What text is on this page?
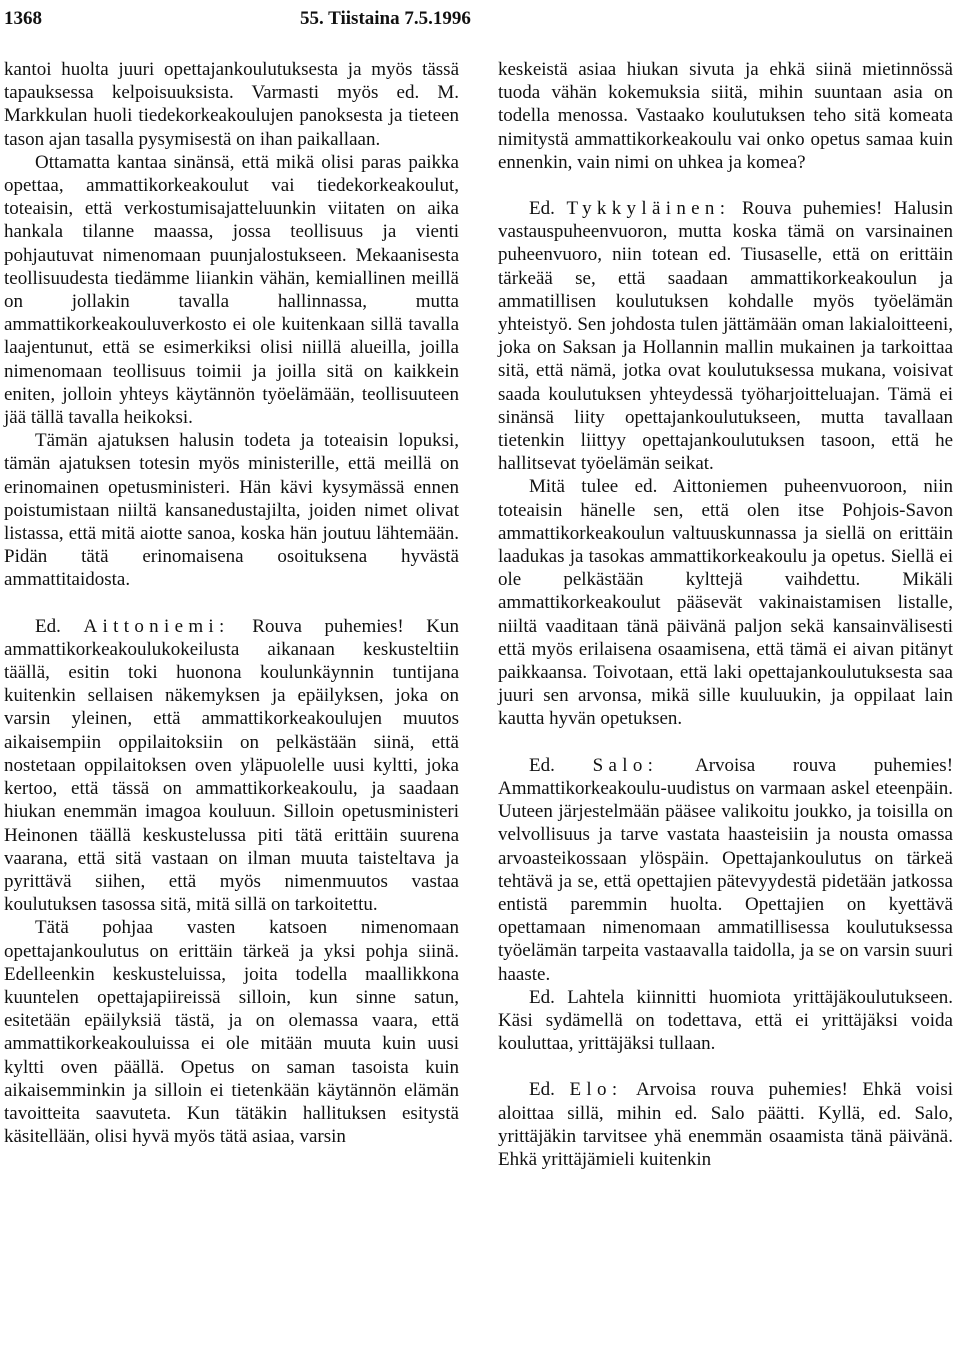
1368	55. Tiistaina 7.5.1996

kantoi huolta juuri opettajankoulutuksesta ja myös tässä tapauksessa kelpoisuuksista. Varmasti myös ed. M. Markkulan huoli tiedekorkeakoulujen panoksesta ja tieteen tason ajan tasalla pysymisestä on ihan paikallaan.

Ottamatta kantaa sinänsä, että mikä olisi paras paikka opettaa, ammattikorkeakoulut vai tiedekorkeakoulut, toteaisin, että verkostumisajatteluunkin viitaten on aika hankala tilanne maassa, jossa teollisuus ja vienti pohjautuvat nimenomaan puunjalostukseen. Mekaanisesta teollisuudesta tiedämme liiankin vähän, kemiallinen meillä on jollakin tavalla hallinnassa, mutta ammattikorkeakouluverkosto ei ole kuitenkaan sillä tavalla laajentunut, että se esimerkiksi olisi niillä alueilla, joilla nimenomaan teollisuus toimii ja joilla sitä on kaikkein eniten, jolloin yhteys käytännön työelämään, teollisuuteen jää tällä tavalla heikoksi.

Tämän ajatuksen halusin todeta ja toteaisin lopuksi, tämän ajatuksen totesin myös ministerille, että meillä on erinomainen opetusministeri. Hän kävi kysymässä ennen poistumistaan niiltä kansanedustajilta, joiden nimet olivat listassa, että mitä aiotte sanoa, koska hän joutuu lähtemään. Pidän tätä erinomaisena osoituksena hyvästä ammattitaidosta.

Ed. Aittoniemi: Rouva puhemies! Kun ammattikorkeakoulukokeilusta aikanaan keskusteltiin täällä, esitin toki huonona koulunkäynnin tuntijana kuitenkin sellaisen näkemyksen ja epäilyksen, joka on varsin yleinen, että ammattikorkeakoulujen muutos aikaisempiin oppilaitoksiin on pelkästään siinä, että nostetaan oppilaitoksen oven yläpuolelle uusi kyltti, joka kertoo, että tässä on ammattikorkeakoulu, ja saadaan hiukan enemmän imagoa kouluun. Silloin opetusministeri Heinonen täällä keskustelussa piti tätä erittäin suurena vaarana, että sitä vastaan on ilman muuta taisteltava ja pyrittävä siihen, että myös nimenmuutos vastaa koulutuksen tasossa sitä, mitä sillä on tarkoitettu.

Tätä pohjaa vasten katsoen nimenomaan opettajankoulutus on erittäin tärkeä ja yksi pohja siinä. Edelleenkin keskusteluissa, joita todella maallikkona kuuntelen opettajapiireissä silloin, kun sinne satun, esitetään epäilyksiä tästä, ja on olemassa vaara, että ammattikorkeakouluissa ei ole mitään muuta kuin uusi kyltti oven päällä. Opetus on saman tasoista kuin aikaisemminkin ja silloin ei tietenkään käytännön elämän tavoitteita saavuteta. Kun tätäkin hallituksen esitystä käsitellään, olisi hyvä myös tätä asiaa, varsin

keskeistä asiaa hiukan sivuta ja ehkä siinä mietinnössä tuoda vähän kokemuksia siitä, mihin suuntaan asia on todella menossa. Vastaako koulutuksen teho sitä komeata nimitystä ammattikorkeakoulu vai onko opetus samaa kuin ennenkin, vain nimi on uhkea ja komea?

Ed. Tykkyläinen: Rouva puhemies! Halusin vastauspuheenvuoron, mutta koska tämä on varsinainen puheenvuoro, niin totean ed. Tiusaselle, että on erittäin tärkeää se, että saadaan ammattikorkeakoulun ja ammatillisen koulutuksen kohdalle myös työelämän yhteistyö. Sen johdosta tulen jättämään oman lakialoitteeni, joka on Saksan ja Hollannin mallin mukainen ja tarkoittaa sitä, että nämä, jotka ovat koulutuksessa mukana, voisivat saada koulutuksen yhteydessä työharjoitteluajan. Tämä ei sinänsä liity opettajankoulutukseen, mutta tavallaan tietenkin liittyy opettajankoulutuksen tasoon, että he hallitsevat työelämän seikat.

Mitä tulee ed. Aittoniemen puheenvuoroon, niin toteaisin hänelle sen, että olen itse Pohjois-Savon ammattikorkeakoulun valtuuskunnassa ja siellä on erittäin laadukas ja tasokas ammattikorkeakoulu ja opetus. Siellä ei ole pelkästään kylttejä vaihdettu. Mikäli ammattikorkeakoulut pääsevät vakinaistamisen listalle, niiltä vaaditaan tänä päivänä paljon sekä kansainvälisesti että myös erilaisena osaamisena, että tämä ei aivan pitänyt paikkaansa. Toivotaan, että laki opettajankoulutuksesta saa juuri sen arvonsa, mikä sille kuuluukin, ja oppilaat lain kautta hyvän opetuksen.

Ed. Salo: Arvoisa rouva puhemies! Ammattikorkeakoulu-uudistus on varmaan askel eteenpäin. Uuteen järjestelmään pääsee valikoitu joukko, ja toisilla on velvollisuus ja tarve vastata haasteisiin ja nousta omassa arvoasteikossaan ylöspäin. Opettajankoulutus on tärkeä tehtävä ja se, että opettajien pätevyydestä pidetään jatkossa entistä paremmin huolta. Opettajien on kyettävä opettamaan nimenomaan ammatillisessa koulutuksessa työelämän tarpeita vastaavalla taidolla, ja se on varsin suuri haaste.

Ed. Lahtela kiinnitti huomiota yrittäjäkoulutukseen. Käsi sydämellä on todettava, että ei yrittäjäksi voida kouluttaa, yrittäjäksi tullaan.

Ed. Elo: Arvoisa rouva puhemies! Ehkä voisi aloittaa sillä, mihin ed. Salo päätti. Kyllä, ed. Salo, yrittäjäkin tarvitsee yhä enemmän osaamista tänä päivänä. Ehkä yrittäjämieli kuitenkin
